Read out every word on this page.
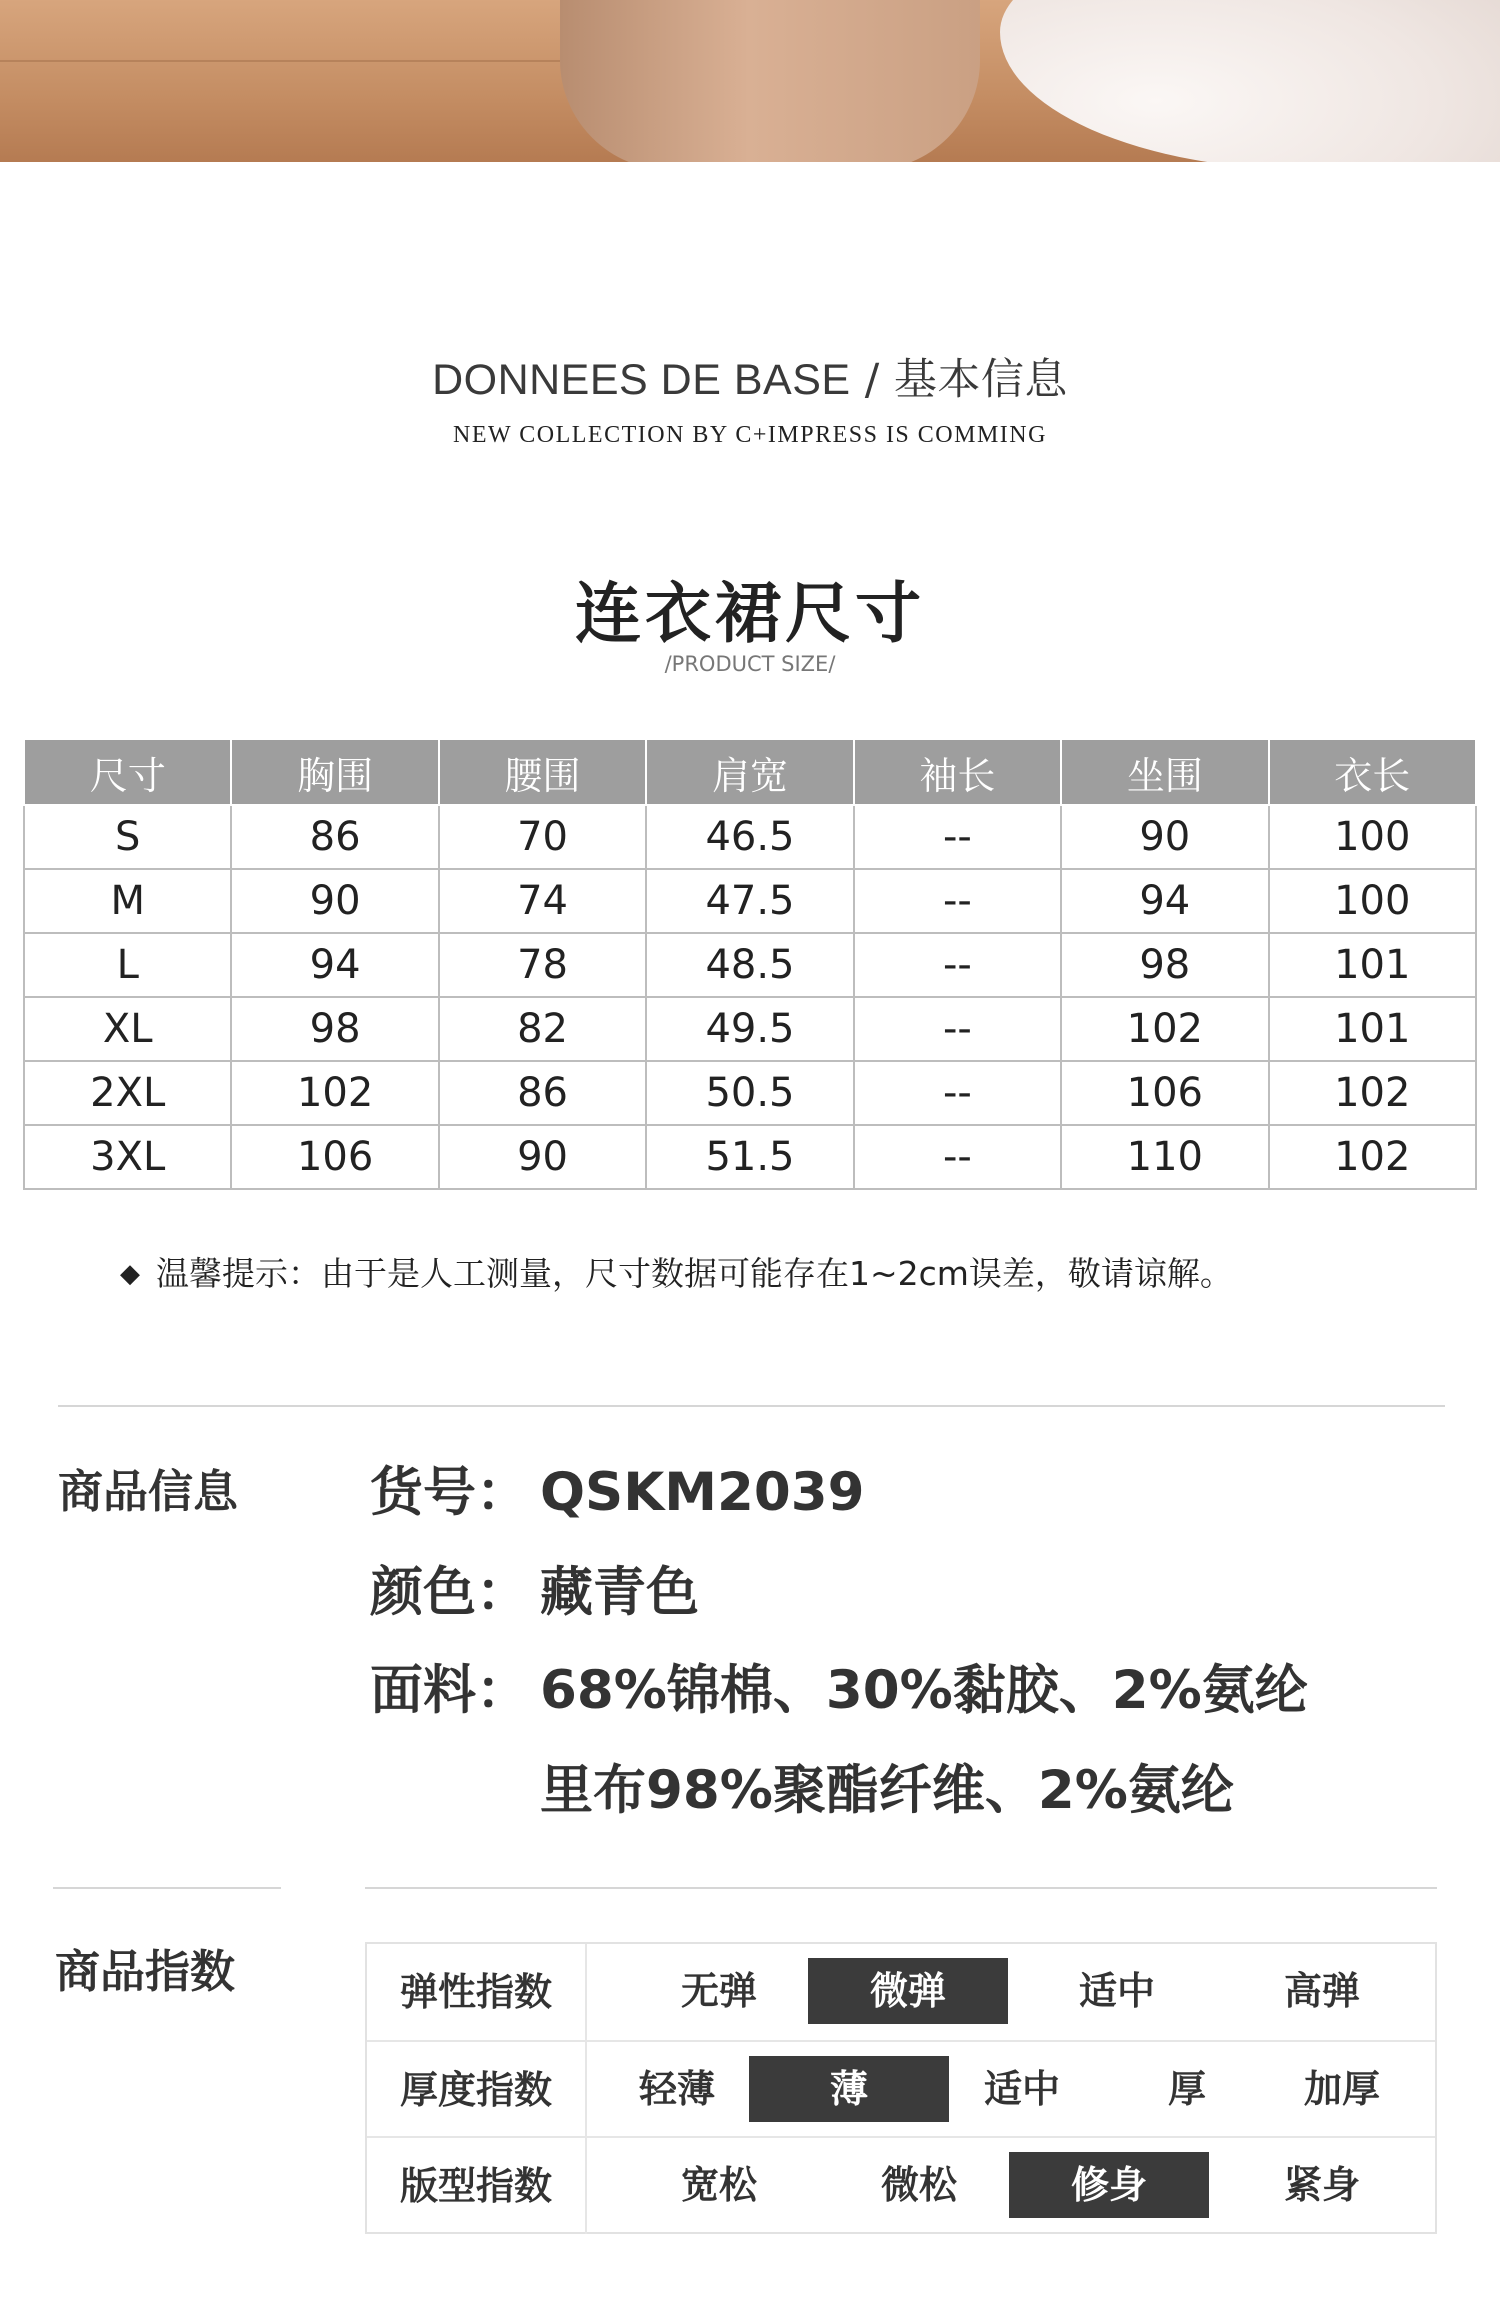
DONNEES DE BASE / 基本信息
NEW COLLECTION BY C+IMPRESS IS COMMING
连衣裙尺寸
/PRODUCT SIZE/
尺寸	胸围	腰围	肩宽	袖长	坐围	衣长
S	86	70	46.5	--	90	100
M	90	74	47.5	--	94	100
L	94	78	48.5	--	98	101
XL	98	82	49.5	--	102	101
2XL	102	86	50.5	--	106	102
3XL	106	90	51.5	--	110	102
◆ 温馨提示：由于是人工测量，尺寸数据可能存在1~2cm误差，敬请谅解。
商品信息 货号： QSKM2039
颜色： 藏青色
面料： 68%锦棉、30%黏胶、2%氨纶
里布98%聚酯纤维、2%氨纶
商品指数	弹性指数	无弹	微弹	适中	高弹
厚度指数	轻薄	薄	适中	厚	加厚
版型指数	宽松	微松	修身	紧身
